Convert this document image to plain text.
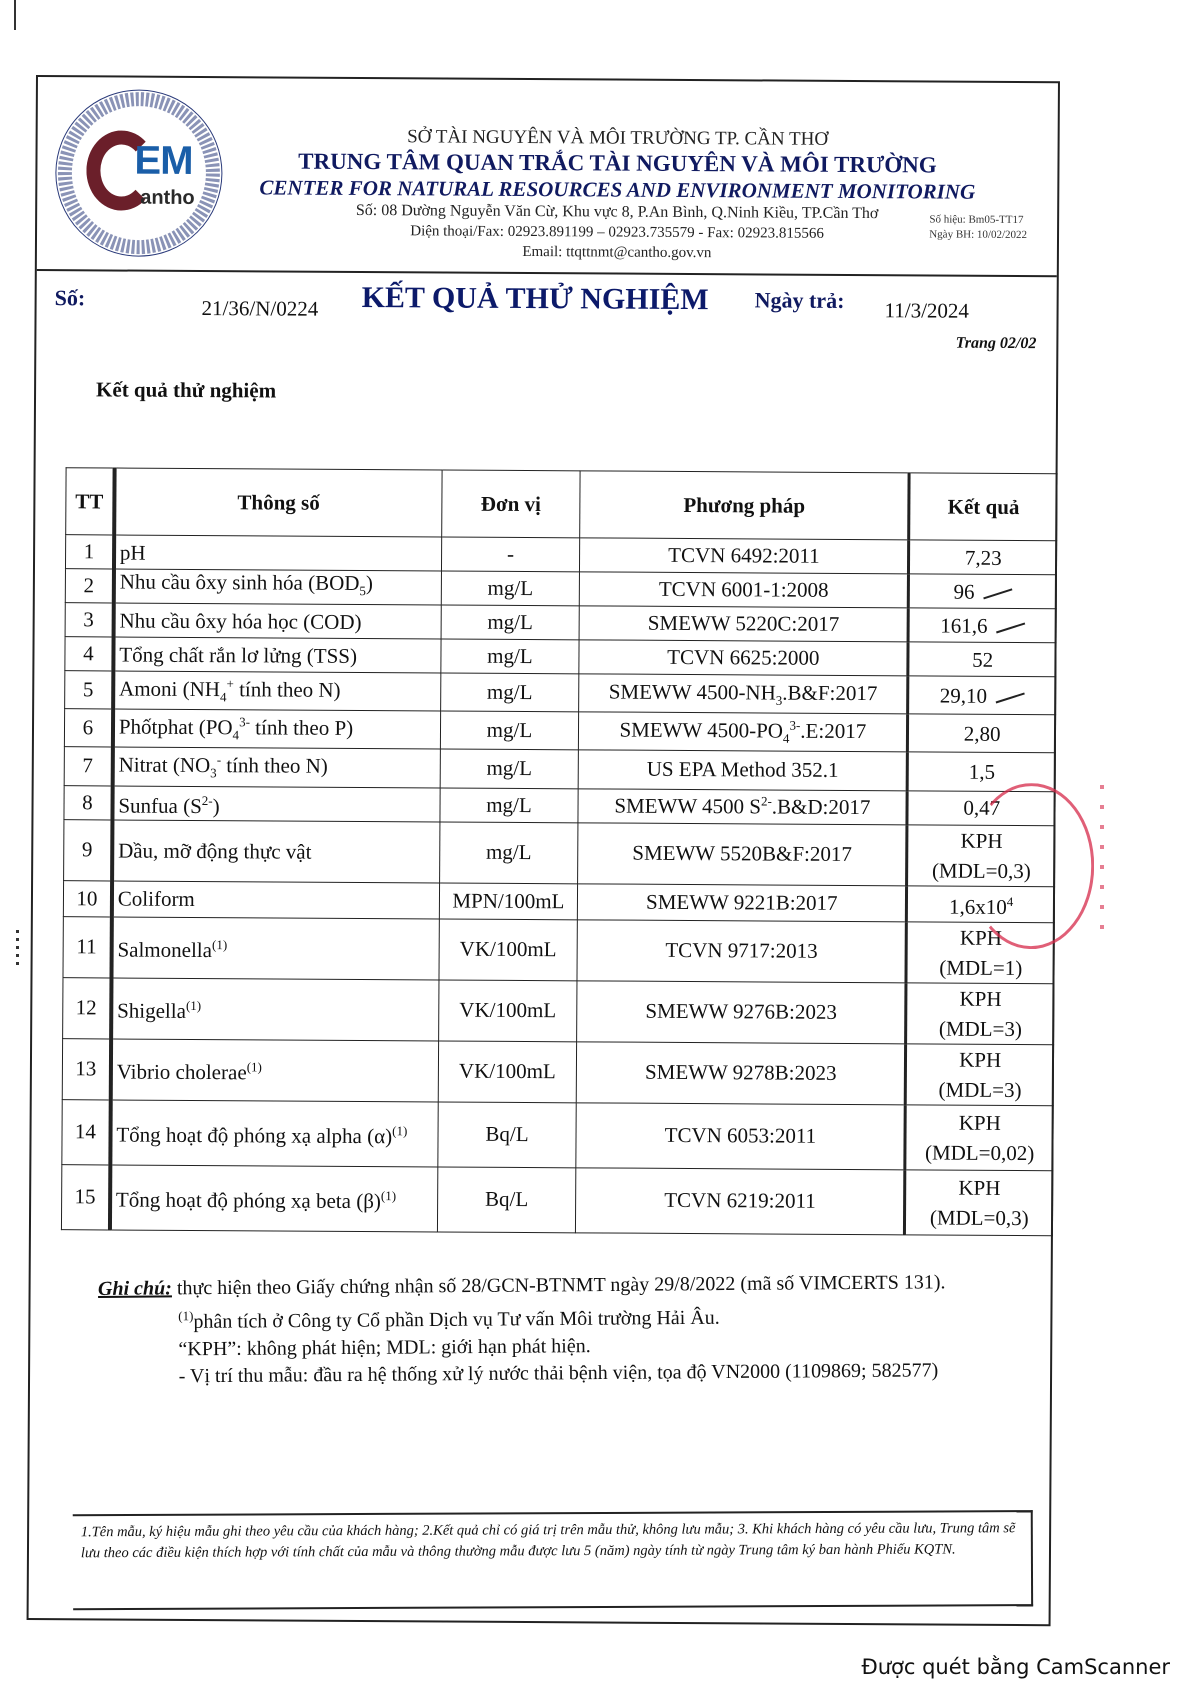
EM
antho
SỞ TÀI NGUYÊN VÀ MÔI TRƯỜNG TP. CẦN THƠ
TRUNG TÂM QUAN TRẮC TÀI NGUYÊN VÀ MÔI TRƯỜNG
CENTER FOR NATURAL RESOURCES AND ENVIRONMENT MONITORING
Số: 08 Dường Nguyễn Văn Cừ, Khu vực 8, P.An Bình, Q.Ninh Kiều, TP.Cần Thơ
Diện thoại/Fax: 02923.891199 – 02923.735579 - Fax: 02923.815566
Email: ttqttnmt@cantho.gov.vn
Số hiệu: Bm05-TT17
Ngày BH: 10/02/2022
Số:	21/36/N/0224 KẾT QUẢ THỬ NGHIỆM Ngày trả: 11/3/2024
Trang 02/02
Kết quả thử nghiệm
TT	Thông số	Đơn vị	Phương pháp	Kết quả
1	pH	-	TCVN 6492:2011	7,23
2	Nhu cầu ôxy sinh hóa $(BOD_5)$	mg/L	TCVN 6001-1:2008	96
3	Nhu cầu ôxy hóa học (COD)	mg/L	SMEWW 5220C:2017	161,6
4	Tổng chất rắn lơ lửng (TSS)	mg/L	TCVN 6625:2000	52
5	Amoni ($NH_4^+$ tính theo N)	mg/L	SMEWW $4500-NH_3.B\&F:2017$	29,10
6	Phốtphat ($PO_4^{3-}$ tính theo P)	mg/L	SMEWW $4500-PO_4^{3-}.E:2017$	2,80
7	Nitrat ($NO_3^-$ tính theo N)	mg/L	US EPA Method 352.1	1,5
8	Sunfua $(S^{2-})$	mg/L	SMEWW 4500 $S^{2-}.B\&D:2017$	0,47
9	Dầu, mỡ động thực vật	mg/L	SMEWW 5520B&F:2017	KPH
(MDL=0,3)
10	Coliform	MPN/100mL	SMEWW 9221B:2017	$1,6x10^4$
11	Salmonella$^{(1)}$	VK/100mL	TCVN 9717:2013	KPH
(MDL=1)
12	Shigella$^{(1)}$	VK/100mL	SMEWW 9276B:2023	KPH
(MDL=3)
13	Vibrio cholerae$^{(1)}$	VK/100mL	SMEWW 9278B:2023	KPH
(MDL=3)
14	Tổng hoạt độ phóng xạ alpha $(\alpha)^{(1)}$	Bq/L	TCVN 6053:2011	KPH
(MDL=0,02)
15	Tổng hoạt độ phóng xạ beta $(\beta)^{(1)}$	Bq/L	TCVN 6219:2011	KPH
(MDL=0,3)
Ghi chú: thực hiện theo Giấy chứng nhận số 28/GCN-BTNMT ngày 29/8/2022 (mã số VIMCERTS 131).
$^{(1)}$phân tích ở Công ty Cổ phần Dịch vụ Tư vấn Môi trường Hải Âu.
“KPH”: không phát hiện; MDL: giới hạn phát hiện.
- Vị trí thu mẫu: đầu ra hệ thống xử lý nước thải bệnh viện, tọa độ VN2000 (1109869; 582577)
1.Tên mẫu, ký hiệu mẫu ghi theo yêu cầu của khách hàng; 2.Kết quả chỉ có giá trị trên mẫu thử, không lưu mẫu; 3. Khi khách hàng có yêu cầu lưu, Trung tâm sẽ lưu theo các điều kiện thích hợp với tính chất của mẫu và thông thường mẫu được lưu 5 (năm) ngày tính từ ngày Trung tâm ký ban hành Phiếu KQTN.
Được quét bằng CamScanner
